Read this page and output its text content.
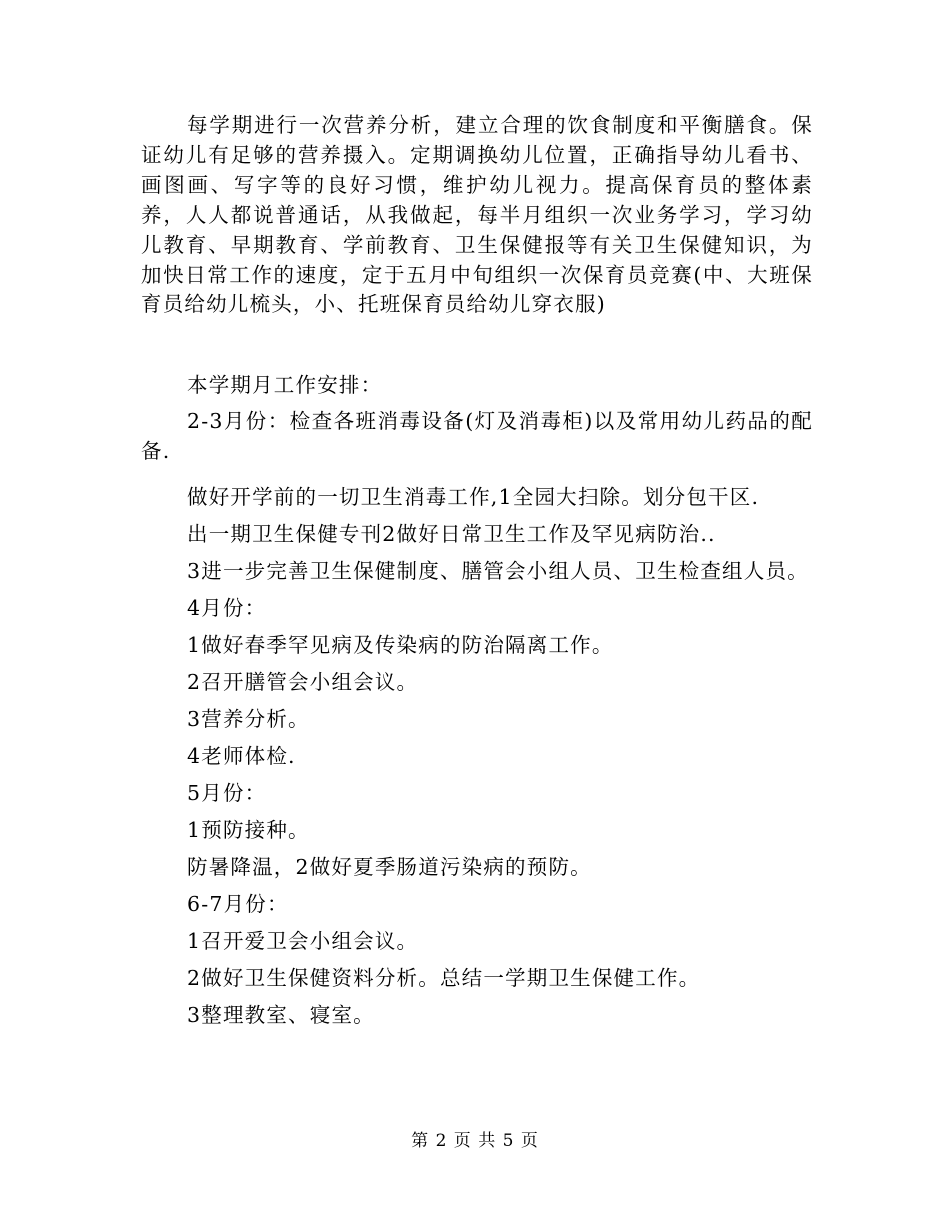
每学期进行一次营养分析，建立合理的饮食制度和平衡膳食。保证幼儿有足够的营养摄入。定期调换幼儿位置，正确指导幼儿看书、画图画、写字等的良好习惯，维护幼儿视力。提高保育员的整体素养，人人都说普通话，从我做起，每半月组织一次业务学习，学习幼儿教育、早期教育、学前教育、卫生保健报等有关卫生保健知识，为加快日常工作的速度，定于五月中旬组织一次保育员竞赛(中、大班保育员给幼儿梳头，小、托班保育员给幼儿穿衣服)

本学期月工作安排：

2-3月份：检查各班消毒设备(灯及消毒柜)以及常用幼儿药品的配备.

做好开学前的一切卫生消毒工作,1全园大扫除。划分包干区.

出一期卫生保健专刊2做好日常卫生工作及罕见病防治..

3进一步完善卫生保健制度、膳管会小组人员、卫生检查组人员。

4月份：

1做好春季罕见病及传染病的防治隔离工作。

2召开膳管会小组会议。

3营养分析。

4老师体检.

5月份：

1预防接种。

防暑降温，2做好夏季肠道污染病的预防。

6-7月份：

1召开爱卫会小组会议。

2做好卫生保健资料分析。总结一学期卫生保健工作。

3整理教室、寝室。

第 2 页 共 5 页
